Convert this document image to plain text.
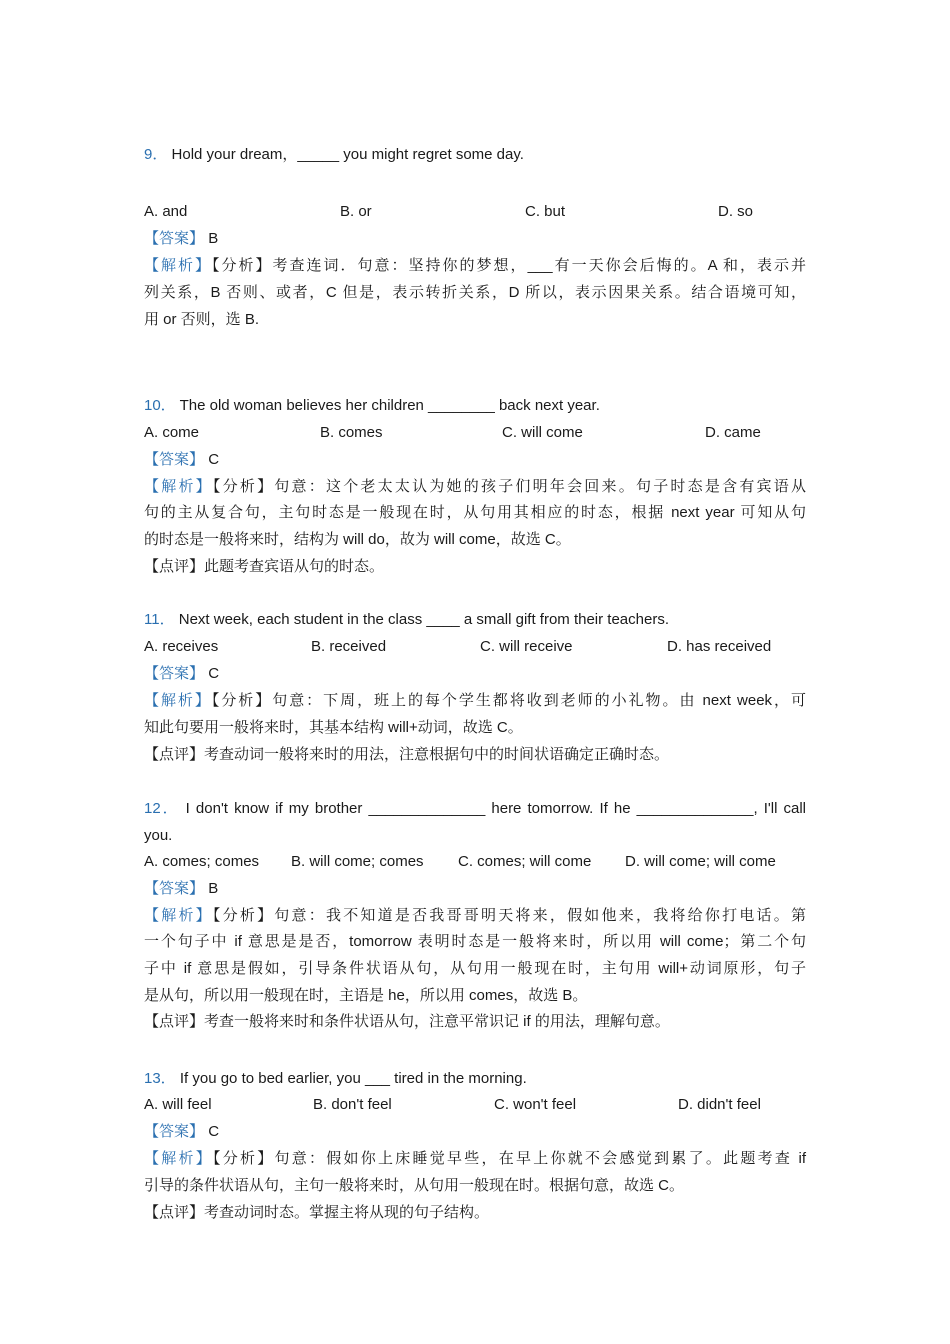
9． Hold your dream，_____ you might regret some day.
A. and	B. or	C. but	D. so
【答案】 B
【解析】【分析】考查连词．句意：坚持你的梦想，___有一天你会后悔的。A 和，表示并
列关系，B 否则、或者，C 但是，表示转折关系，D 所以，表示因果关系。结合语境可知，
用 or 否则，选 B.
10． The old woman believes her children ________ back next year.
A. come	B. comes	C. will come	D. came
【答案】 C
【解析】【分析】句意：这个老太太认为她的孩子们明年会回来。句子时态是含有宾语从
句的主从复合句，主句时态是一般现在时，从句用其相应的时态，根据 next year 可知从句
的时态是一般将来时，结构为 will do，故为 will come，故选 C。
【点评】此题考查宾语从句的时态。
11． Next week, each student in the class ____ a small gift from their teachers.
A. receives	B. received	C. will receive	D. has received
【答案】 C
【解析】【分析】句意：下周，班上的每个学生都将收到老师的小礼物。由 next week，可
知此句要用一般将来时，其基本结构 will+动词，故选 C。
【点评】考查动词一般将来时的用法，注意根据句中的时间状语确定正确时态。
12． I don't know if my brother ______________ here tomorrow. If he ______________, I'll call
you.
A. comes; comes B. will come; comes C. comes; will come D. will come; will come
【答案】 B
【解析】【分析】句意：我不知道是否我哥哥明天将来，假如他来，我将给你打电话。第
一个句子中 if 意思是是否，tomorrow 表明时态是一般将来时，所以用 will come；第二个句
子中 if 意思是假如，引导条件状语从句，从句用一般现在时，主句用 will+动词原形，句子
是从句，所以用一般现在时，主语是 he，所以用 comes，故选 B。
【点评】考查一般将来时和条件状语从句，注意平常识记 if 的用法，理解句意。
13． If you go to bed earlier, you ___ tired in the morning.
A. will feel	B. don't feel	C. won't feel	D. didn't feel
【答案】 C
【解析】【分析】句意：假如你上床睡觉早些，在早上你就不会感觉到累了。此题考查 if
引导的条件状语从句，主句一般将来时，从句用一般现在时。根据句意，故选 C。
【点评】考查动词时态。掌握主将从现的句子结构。
